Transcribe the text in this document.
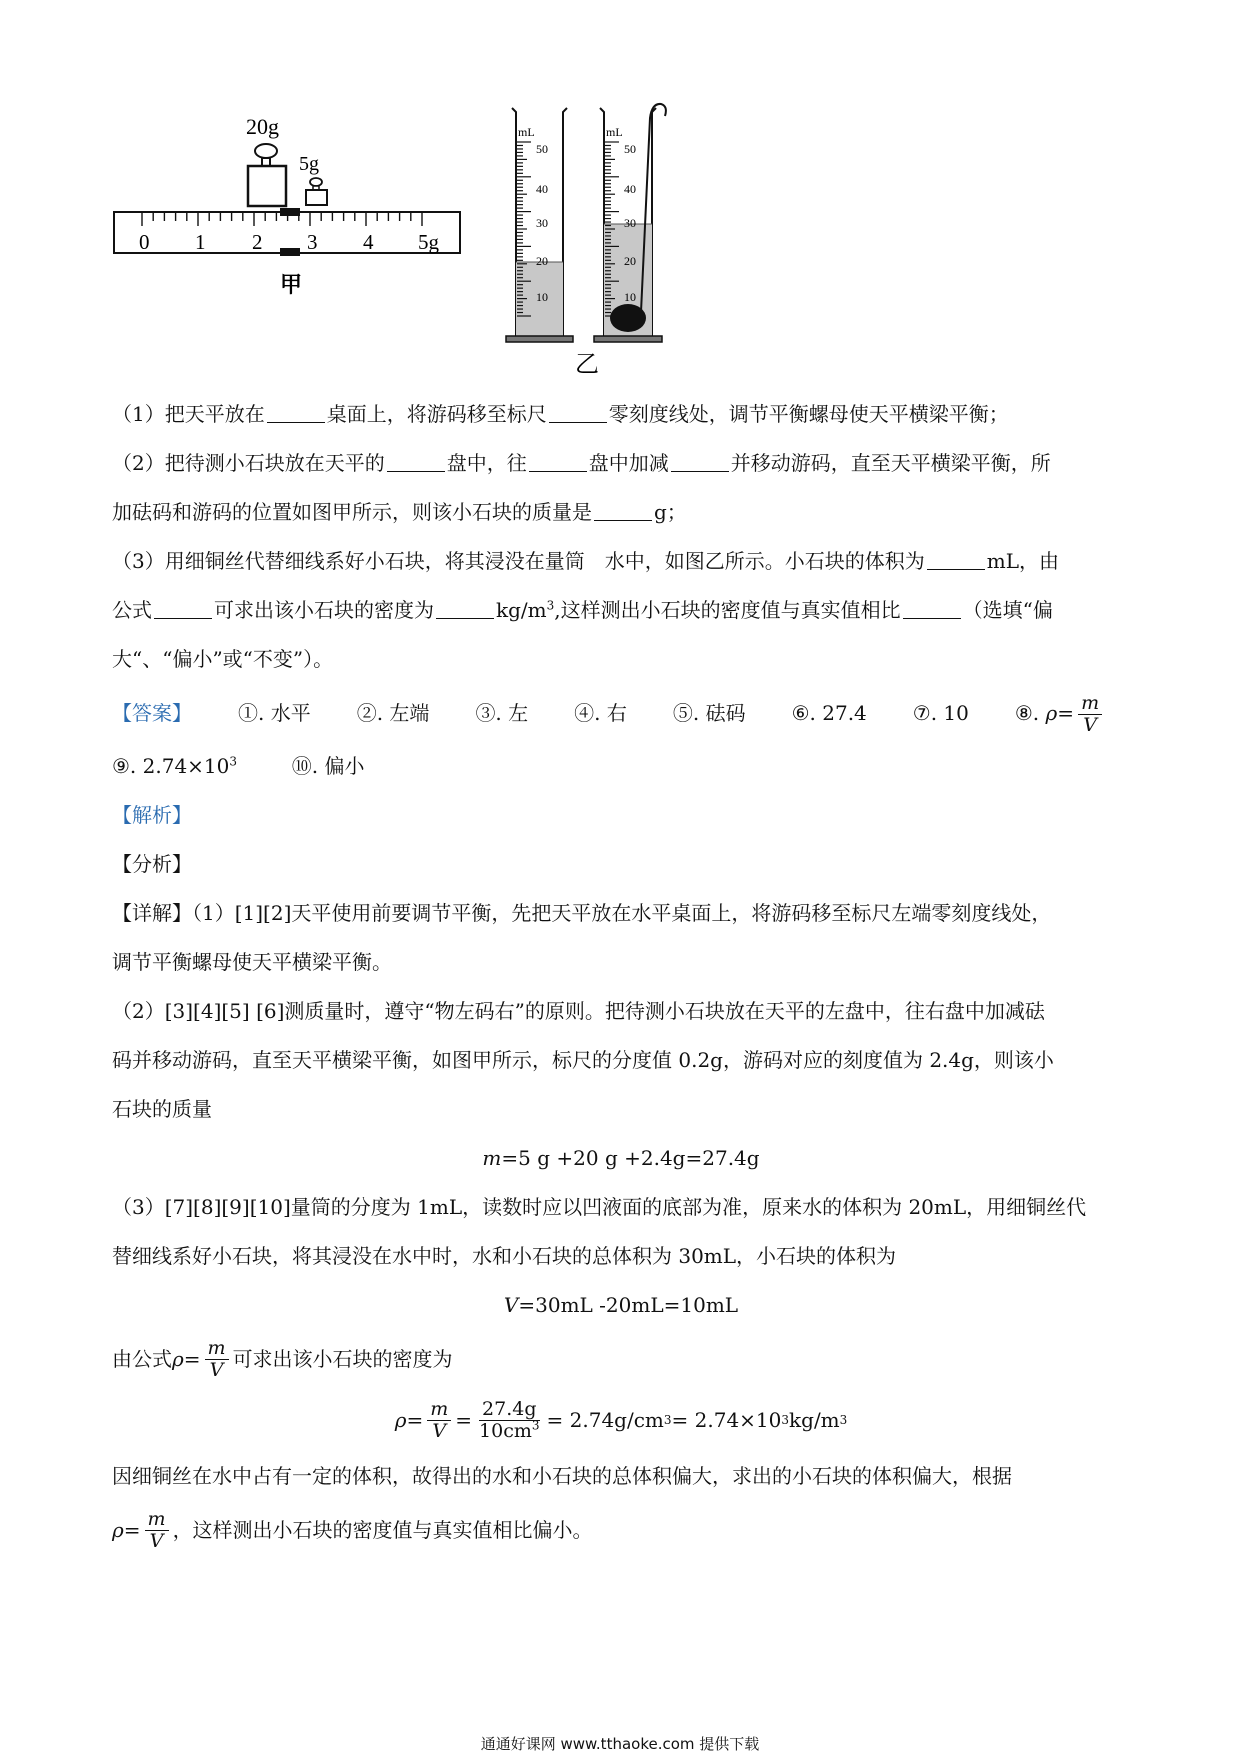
20g
5g
0 1 2 3 4 5g
甲
mL
50
40
30
20
10
mL
50
40
30
20
10
乙

（1）把天平放在	桌面上，将游码移至标尺	零刻度线处，调节平衡螺母使天平横梁平衡；

（2）把待测小石块放在天平的	盘中，往	盘中加减	并移动游码，直至天平横梁平衡，所
加砝码和游码的位置如图甲所示，则该小石块的质量是	g；

（3）用细铜丝代替细线系好小石块，将其浸没在量筒　水中，如图乙所示。小石块的体积为	mL，由
公式	可求出该小石块的密度为	$kg/m^3$,这样测出小石块的密度值与真实值相比	（选填“偏
大“、“偏小”或“不变”）。

【答案】 ①. 水平 ②. 左端 ③. 左 ④. 右 ⑤. 砝码 ⑥. 27.4 ⑦. 10 ⑧. $\rho= \frac{m}{V}$

⑨. $2.74\times 10^3$	⑩. 偏小

【解析】

【分析】

【详解】（1）[1][2]天平使用前要调节平衡，先把天平放在水平桌面上，将游码移至标尺左端零刻度线处，
调节平衡螺母使天平横梁平衡。

（2）[3][4][5] [6]测质量时，遵守“物左码右”的原则。把待测小石块放在天平的左盘中，往右盘中加减砝
码并移动游码，直至天平横梁平衡，如图甲所示，标尺的分度值 0.2g，游码对应的刻度值为 2.4g，则该小
石块的质量

m=5 g +20 g +2.4g=27.4g

（3）[7][8][9][10]量筒的分度为 1mL，读数时应以凹液面的底部为准，原来水的体积为 20mL，用细铜丝代
替细线系好小石块，将其浸没在水中时，水和小石块的总体积为 30mL，小石块的体积为

V=30mL -20mL=10mL

由公式 $\rho = \frac{m}{V}$ 可求出该小石块的密度为
$\rho = \frac{m}{V} = \frac{27.4g}{10cm^3} = 2.74g/cm$ 3 = 2.74×10 3 kg/m 3

因细铜丝在水中占有一定的体积，故得出的水和小石块的总体积偏大，求出的小石块的体积偏大，根据

$\rho = \frac{m}{V}$ ，这样测出小石块的密度值与真实值相比偏小。
通通好课网 www.tthaoke.com 提供下载
